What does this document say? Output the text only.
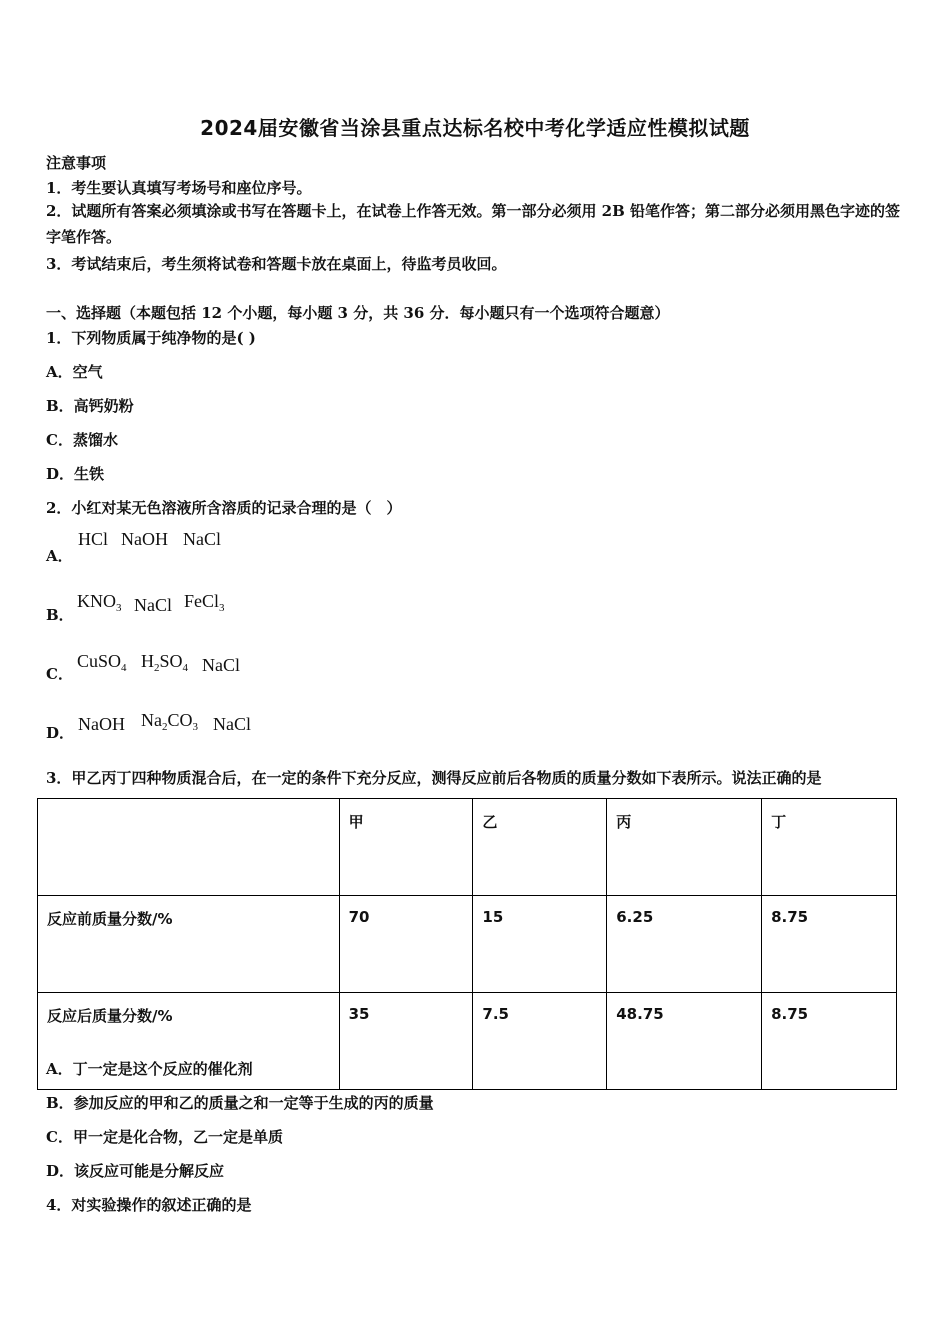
2024届安徽省当涂县重点达标名校中考化学适应性模拟试题
注意事项
1．考生要认真填写考场号和座位序号。
2．试题所有答案必须填涂或书写在答题卡上，在试卷上作答无效。第一部分必须用 2B 铅笔作答；第二部分必须用黑色字迹的签字笔作答。
3．考试结束后，考生须将试卷和答题卡放在桌面上，待监考员收回。
一、选择题（本题包括 12 个小题，每小题 3 分，共 36 分．每小题只有一个选项符合题意）
1．下列物质属于纯净物的是( )
A．空气
B．高钙奶粉
C．蒸馏水
D．生铁
2．小红对某无色溶液所含溶质的记录合理的是（　）
A．
HCl NaOH NaCl
B．
$KNO_3$ NaCl FeCl$_3$
C．
CuSO$_4$ $H_2SO_4$ NaCl
D． NaOH $Na_2CO_3$ NaCl
3．甲乙丙丁四种物质混合后，在一定的条件下充分反应，测得反应前后各物质的质量分数如下表所示。说法正确的是
	甲	乙	丙	丁
反应前质量分数/%	70	15	6.25	8.75
反应后质量分数/%	35	7.5	48.75	8.75
A．丁一定是这个反应的催化剂
B．参加反应的甲和乙的质量之和一定等于生成的丙的质量
C．甲一定是化合物，乙一定是单质
D．该反应可能是分解反应
4．对实验操作的叙述正确的是
